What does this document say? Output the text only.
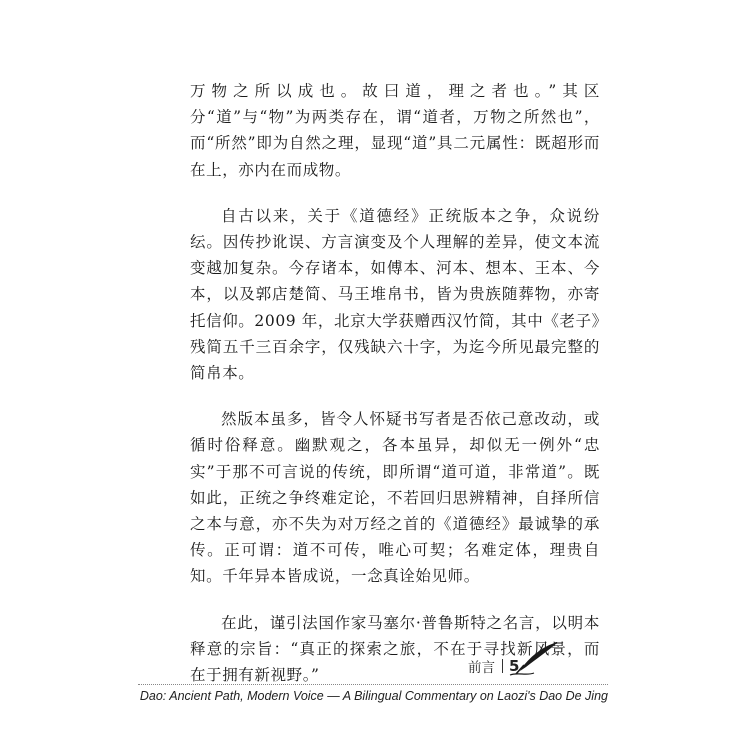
万物之所以成也。故曰道，理之者也。”其区分“道”与“物”为两类存在，谓“道者，万物之所然也”，而“所然”即为自然之理，显现“道”具二元属性：既超形而在上，亦内在而成物。

自古以来，关于《道德经》正统版本之争，众说纷纭。因传抄讹误、方言演变及个人理解的差异，使文本流变越加复杂。今存诸本，如傅本、河本、想本、王本、今本，以及郭店楚简、马王堆帛书，皆为贵族随葬物，亦寄托信仰。2009 年，北京大学获赠西汉竹简，其中《老子》残简五千三百余字，仅残缺六十字，为迄今所见最完整的简帛本。

然版本虽多，皆令人怀疑书写者是否依己意改动，或循时俗释意。幽默观之，各本虽异，却似无一例外“忠实”于那不可言说的传统，即所谓“道可道，非常道”。既如此，正统之争终难定论，不若回归思辨精神，自择所信之本与意，亦不失为对万经之首的《道德经》最诚挚的承传。正可谓：道不可传，唯心可契；名难定体，理贵自知。千年异本皆成说，一念真诠始见师。

在此，谨引法国作家马塞尔·普鲁斯特之名言，以明本释意的宗旨：“真正的探索之旅，不在于寻找新风景，而在于拥有新视野。”	前言 5
Dao: Ancient Path, Modern Voice — A Bilingual Commentary on Laozi's Dao De Jing
